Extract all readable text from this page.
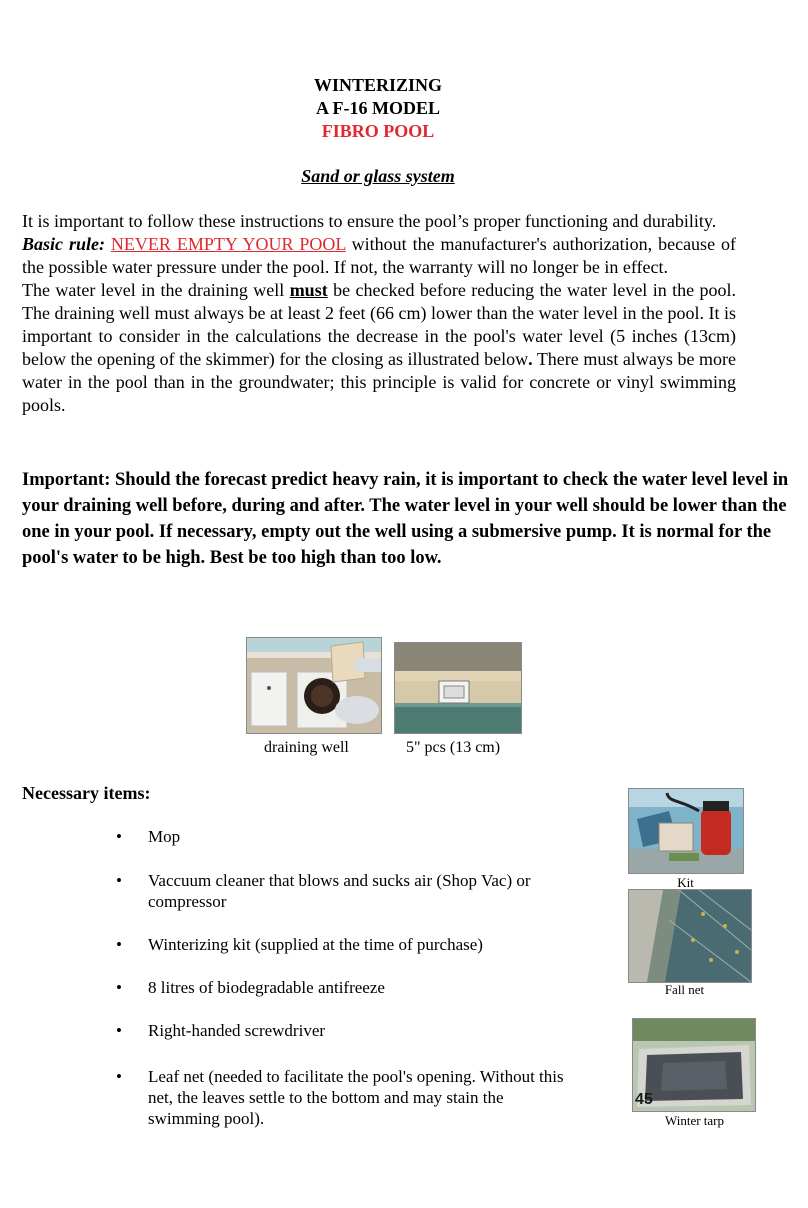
WINTERIZING
A F-16 MODEL
FIBRO POOL
Sand or glass system

It is important to follow these instructions to ensure the pool’s proper functioning and durability.

Basic rule: NEVER EMPTY YOUR POOL without the manufacturer's authorization, because of the possible water pressure under the pool. If not, the warranty will no longer be in effect.

The water level in the draining well must be checked before reducing the water level in the pool. The draining well must always be at least 2 feet (66 cm) lower than the water level in the pool. It is important to consider in the calculations the decrease in the pool's water level (5 inches (13cm) below the opening of the skimmer) for the closing as illustrated below. There must always be more water in the pool than in the groundwater; this principle is valid for concrete or vinyl swimming pools.

Important: Should the forecast predict heavy rain, it is important to check the water level level in your draining well before, during and after. The water level in your well should be lower than the one in your pool. If necessary, empty out the well using a submersive pump. It is normal for the pool's water to be high. Best be too high than too low.
draining well	5" pcs (13 cm)
Necessary items:
• Mop
• Vaccuum cleaner that blows and sucks air (Shop Vac) or compressor
• Winterizing kit (supplied at the time of purchase)
• 8 litres of biodegradable antifreeze
• Right-handed screwdriver
• Leaf net (needed to facilitate the pool's opening. Without this net, the leaves settle to the bottom and may stain the swimming pool).
Kit
Fall net
45
Winter tarp
